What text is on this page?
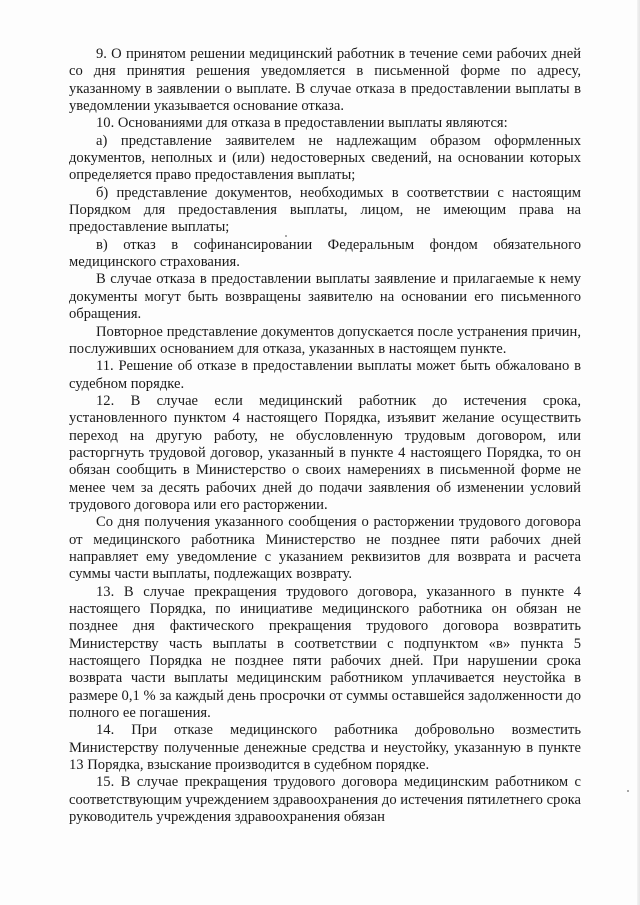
9. О принятом решении медицинский работник в течение семи рабочих дней со дня принятия решения уведомляется в письменной форме по адресу, указанному в заявлении о выплате. В случае отказа в предоставлении выплаты в уведомлении указывается основание отказа.

10. Основаниями для отказа в предоставлении выплаты являются:

а) представление заявителем не надлежащим образом оформленных документов, неполных и (или) недостоверных сведений, на основании которых определяется право предоставления выплаты;

б) представление документов, необходимых в соответствии с настоящим Порядком для предоставления выплаты, лицом, не имеющим права на предоставление выплаты;

в) отказ в софинансировании Федеральным фондом обязательного медицинского страхования.

В случае отказа в предоставлении выплаты заявление и прилагаемые к нему документы могут быть возвращены заявителю на основании его письменного обращения.

Повторное представление документов допускается после устранения причин, послуживших основанием для отказа, указанных в настоящем пункте.

11. Решение об отказе в предоставлении выплаты может быть обжаловано в судебном порядке.

12. В случае если медицинский работник до истечения срока, установленного пунктом 4 настоящего Порядка, изъявит желание осуществить переход на другую работу, не обусловленную трудовым договором, или расторгнуть трудовой договор, указанный в пункте 4 настоящего Порядка, то он обязан сообщить в Министерство о своих намерениях в письменной форме не менее чем за десять рабочих дней до подачи заявления об изменении условий трудового договора или его расторжении.

Со дня получения указанного сообщения о расторжении трудового договора от медицинского работника Министерство не позднее пяти рабочих дней направляет ему уведомление с указанием реквизитов для возврата и расчета суммы части выплаты, подлежащих возврату.

13. В случае прекращения трудового договора, указанного в пункте 4 настоящего Порядка, по инициативе медицинского работника он обязан не позднее дня фактического прекращения трудового договора возвратить Министерству часть выплаты в соответствии с подпунктом «в» пункта 5 настоящего Порядка не позднее пяти рабочих дней. При нарушении срока возврата части выплаты медицинским работником уплачивается неустойка в размере 0,1 % за каждый день просрочки от суммы оставшейся задолженности до полного ее погашения.

14. При отказе медицинского работника добровольно возместить Министерству полученные денежные средства и неустойку, указанную в пункте 13 Порядка, взыскание производится в судебном порядке.

15. В случае прекращения трудового договора медицинским работником с соответствующим учреждением здравоохранения до истечения пятилетнего срока руководитель учреждения здравоохранения обязан
